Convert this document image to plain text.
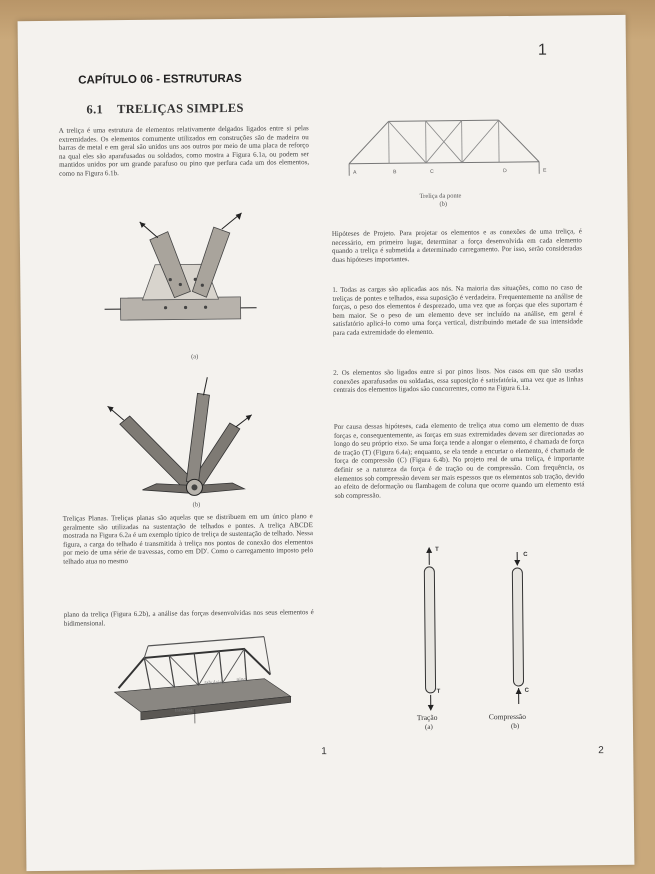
1
CAPÍTULO 06 - ESTRUTURAS
6.1 TRELIÇAS SIMPLES
A treliça é uma estrutura de elementos relativamente delgados ligados entre si pelas extremidades. Os elementos comumente utilizados em construções são de madeira ou barras de metal e em geral são unidos uns aos outros por meio de uma placa de reforço na qual eles são aparafusados ou soldados, como mostra a Figura 6.1a, ou podem ser mantidos unidos por um grande parafuso ou pino que perfura cada um dos elementos, como na Figura 6.1b.
(a)
(b)
Treliças Planas. Treliças planas são aquelas que se distribuem em um único plano e geralmente são utilizadas na sustentação de telhados e pontes. A treliça ABCDE mostrada na Figura 6.2a é um exemplo típico de treliça de sustentação de telhado. Nessa figura, a carga do telhado é transmitida à treliça nos pontos de conexão dos elementos por meio de uma série de travessas, como em DD'. Como o carregamento imposto pelo telhado atua no mesmo
plano da treliça (Figura 6.2b), a análise das forças desenvolvidas nos seus elementos é bidimensional.
tabuleiro
pino
travessa
1
A	B	C	D	E
Treliça da ponte
(b)
Hipóteses de Projeto. Para projetar os elementos e as conexões de uma treliça, é necessário, em primeiro lugar, determinar a força desenvolvida em cada elemento quando a treliça é submetida a determinado carregamento. Por isso, serão consideradas duas hipóteses importantes.
1. Todas as cargas são aplicadas aos nós. Na maioria das situações, como no caso de treliças de pontes e telhados, essa suposição é verdadeira. Frequentemente na análise de forças, o peso dos elementos é desprezado, uma vez que as forças que eles suportam é bem maior. Se o peso de um elemento deve ser incluído na análise, em geral é satisfatório aplicá-lo como uma força vertical, distribuindo metade de sua intensidade para cada extremidade do elemento.
2. Os elementos são ligados entre si por pinos lisos. Nos casos em que são usadas conexões aparafusadas ou soldadas, essa suposição é satisfatória, uma vez que as linhas centrais dos elementos ligados são concorrentes, como na Figura 6.1a.
Por causa dessas hipóteses, cada elemento de treliça atua como um elemento de duas forças e, consequentemente, as forças em suas extremidades devem ser direcionadas ao longo do seu próprio eixo. Se uma força tende a alongar o elemento, é chamada de força de tração (T) (Figura 6.4a); enquanto, se ela tende a encurtar o elemento, é chamada de força de compressão (C) (Figura 6.4b). No projeto real de uma treliça, é importante definir se a natureza da força é de tração ou de compressão. Com frequência, os elementos sob compressão devem ser mais espessos que os elementos sob tração, devido ao efeito de deformação ou flambagem de coluna que ocorre quando um elemento está sob compressão.
T
T
C
C
Tração
(a)
Compressão
(b)
2
